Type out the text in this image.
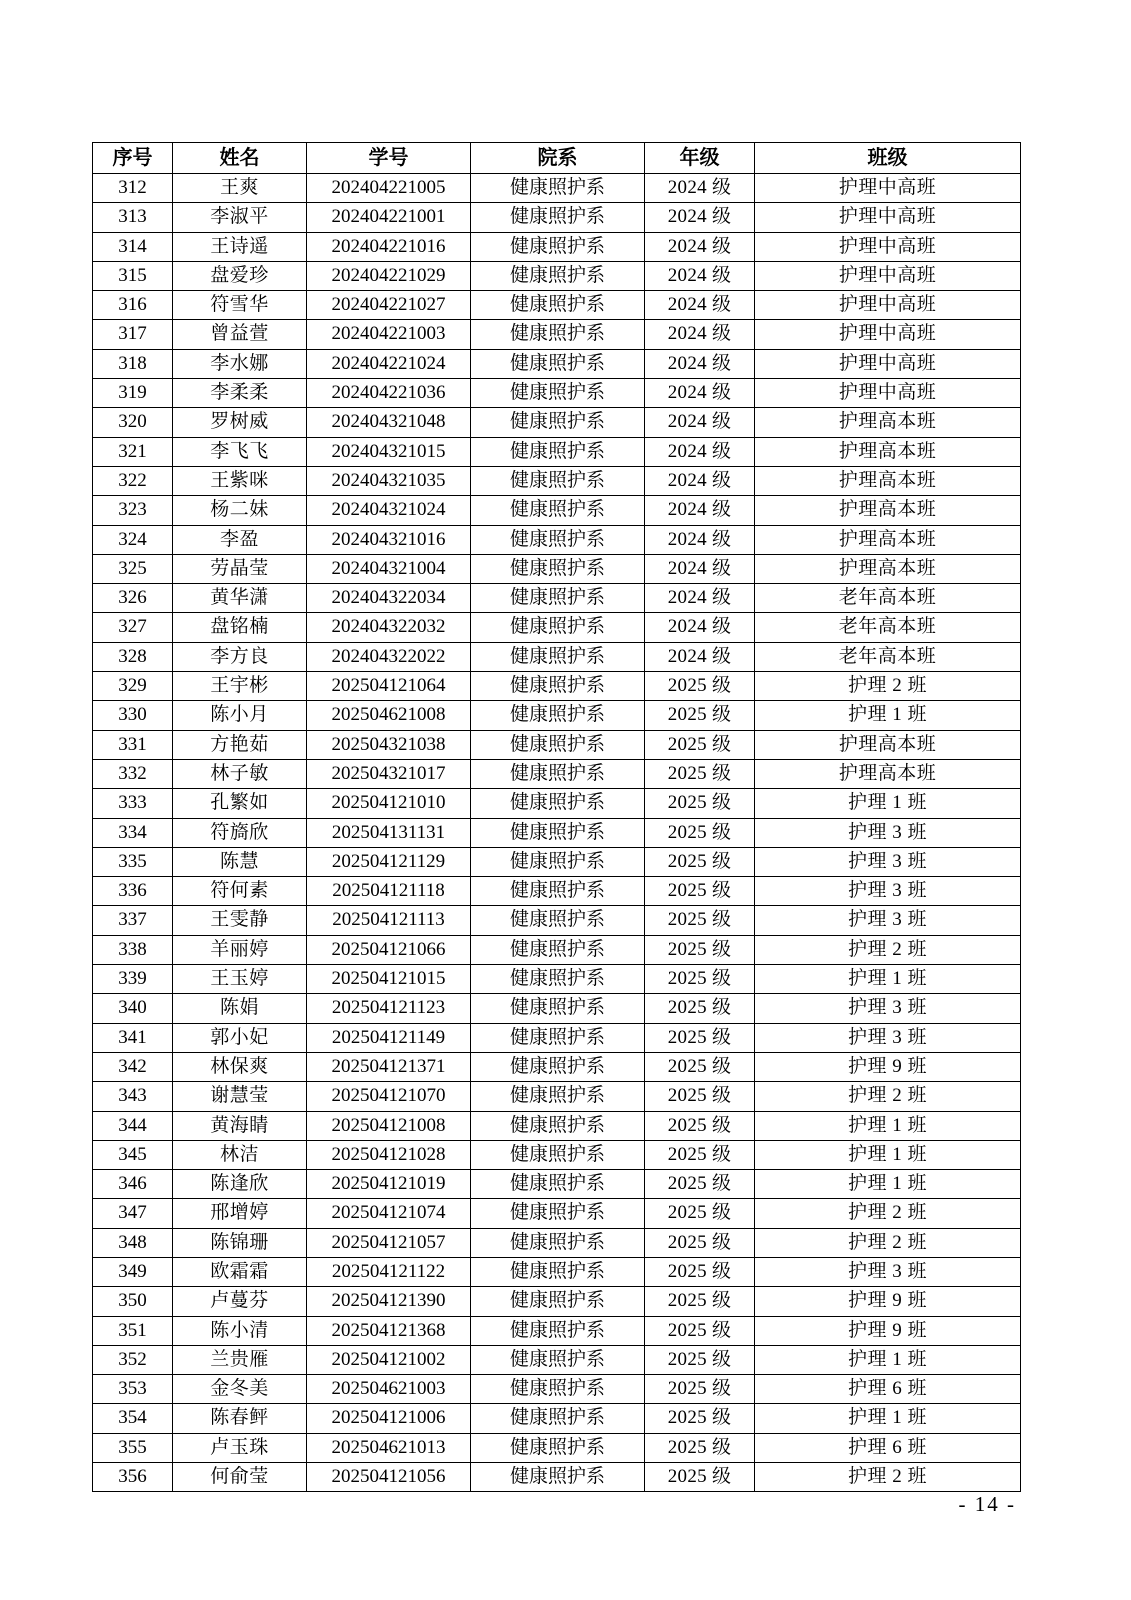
序号	姓名	学号	院系	年级	班级
312	王爽	202404221005	健康照护系	2024 级	护理中高班
313	李淑平	202404221001	健康照护系	2024 级	护理中高班
314	王诗遥	202404221016	健康照护系	2024 级	护理中高班
315	盘爱珍	202404221029	健康照护系	2024 级	护理中高班
316	符雪华	202404221027	健康照护系	2024 级	护理中高班
317	曾益萱	202404221003	健康照护系	2024 级	护理中高班
318	李水娜	202404221024	健康照护系	2024 级	护理中高班
319	李柔柔	202404221036	健康照护系	2024 级	护理中高班
320	罗树威	202404321048	健康照护系	2024 级	护理高本班
321	李飞飞	202404321015	健康照护系	2024 级	护理高本班
322	王紫咪	202404321035	健康照护系	2024 级	护理高本班
323	杨二妹	202404321024	健康照护系	2024 级	护理高本班
324	李盈	202404321016	健康照护系	2024 级	护理高本班
325	劳晶莹	202404321004	健康照护系	2024 级	护理高本班
326	黄华潇	202404322034	健康照护系	2024 级	老年高本班
327	盘铭楠	202404322032	健康照护系	2024 级	老年高本班
328	李方良	202404322022	健康照护系	2024 级	老年高本班
329	王宇彬	202504121064	健康照护系	2025 级	护理 2 班
330	陈小月	202504621008	健康照护系	2025 级	护理 1 班
331	方艳茹	202504321038	健康照护系	2025 级	护理高本班
332	林子敏	202504321017	健康照护系	2025 级	护理高本班
333	孔繁如	202504121010	健康照护系	2025 级	护理 1 班
334	符旖欣	202504131131	健康照护系	2025 级	护理 3 班
335	陈慧	202504121129	健康照护系	2025 级	护理 3 班
336	符何素	202504121118	健康照护系	2025 级	护理 3 班
337	王雯静	202504121113	健康照护系	2025 级	护理 3 班
338	羊丽婷	202504121066	健康照护系	2025 级	护理 2 班
339	王玉婷	202504121015	健康照护系	2025 级	护理 1 班
340	陈娟	202504121123	健康照护系	2025 级	护理 3 班
341	郭小妃	202504121149	健康照护系	2025 级	护理 3 班
342	林保爽	202504121371	健康照护系	2025 级	护理 9 班
343	谢慧莹	202504121070	健康照护系	2025 级	护理 2 班
344	黄海睛	202504121008	健康照护系	2025 级	护理 1 班
345	林洁	202504121028	健康照护系	2025 级	护理 1 班
346	陈逢欣	202504121019	健康照护系	2025 级	护理 1 班
347	邢增婷	202504121074	健康照护系	2025 级	护理 2 班
348	陈锦珊	202504121057	健康照护系	2025 级	护理 2 班
349	欧霜霜	202504121122	健康照护系	2025 级	护理 3 班
350	卢蔓芬	202504121390	健康照护系	2025 级	护理 9 班
351	陈小清	202504121368	健康照护系	2025 级	护理 9 班
352	兰贵雁	202504121002	健康照护系	2025 级	护理 1 班
353	金冬美	202504621003	健康照护系	2025 级	护理 6 班
354	陈春鲆	202504121006	健康照护系	2025 级	护理 1 班
355	卢玉珠	202504621013	健康照护系	2025 级	护理 6 班
356	何俞莹	202504121056	健康照护系	2025 级	护理 2 班
- 14 -
